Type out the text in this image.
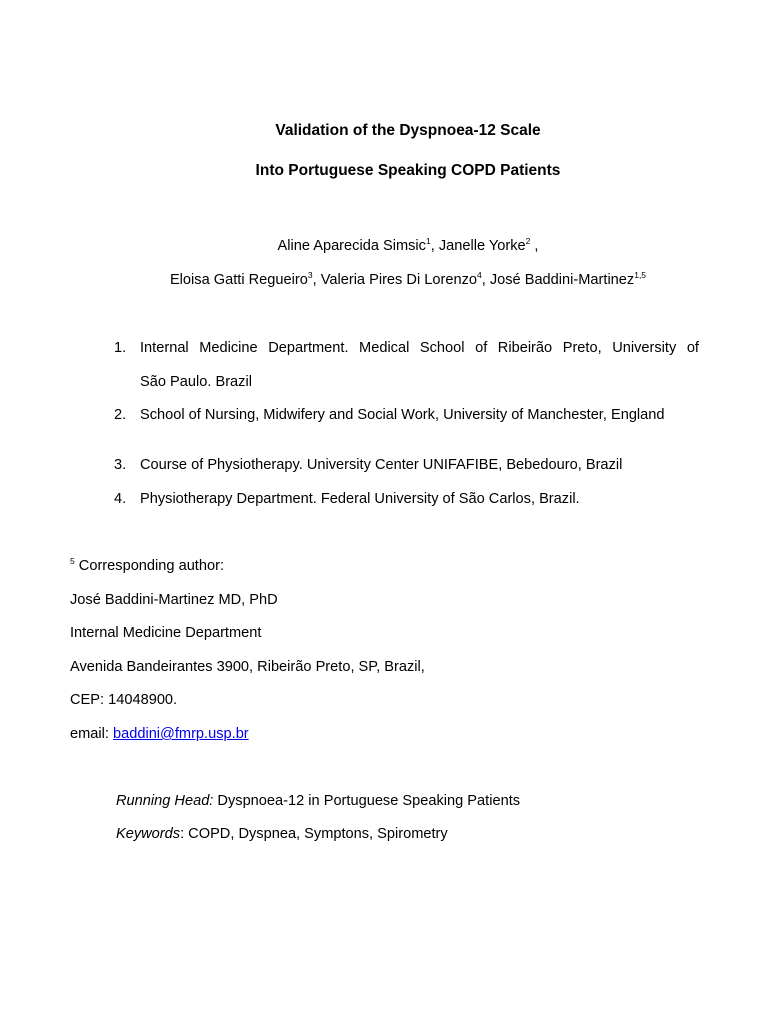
Validation of the Dyspnoea-12 Scale
Into Portuguese Speaking COPD Patients
Aline Aparecida Simsic$^1$, Janelle Yorke$^2$ ,
Eloisa Gatti Regueiro$^3$, Valeria Pires Di Lorenzo$^4$, José Baddini-Martinez$^{1,5}$
1. Internal Medicine Department. Medical School of Ribeirão Preto, University of
São Paulo. Brazil
2. School of Nursing, Midwifery and Social Work, University of Manchester, England
3. Course of Physiotherapy. University Center UNIFAFIBE, Bebedouro, Brazil
4. Physiotherapy Department. Federal University of São Carlos, Brazil.
$^5$ Corresponding author:
José Baddini-Martinez MD, PhD
Internal Medicine Department
Avenida Bandeirantes 3900, Ribeirão Preto, SP, Brazil,
CEP: 14048900.
email: baddini@fmrp.usp.br
Running Head: Dyspnoea-12 in Portuguese Speaking Patients
Keywords: COPD, Dyspnea, Symptons, Spirometry
